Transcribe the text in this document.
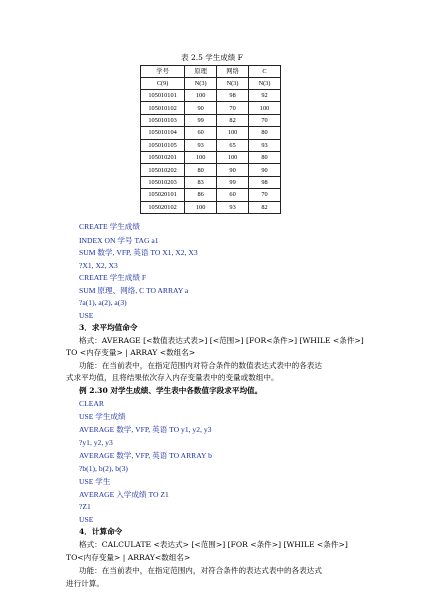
表 2.5 学生成绩 F
学号	原理	网络	C
C(9)	N(3)	N(3)	N(3)
105010101	100	98	92
105010102	90	70	100
105010103	99	82	70
105010104	60	100	80
105010105	93	65	93
105010201	100	100	80
105010202	80	90	90
105010203	83	99	98
105020101	86	60	70
105020102	100	93	82
CREATE 学生成绩
INDEX ON 学号 TAG a1
SUM 数学, VFP, 英语 TO X1, X2, X3
?X1, X2, X3
CREATE 学生成绩 F
SUM 原理、网络, C TO ARRAY a
?a(1), a(2), a(3)
USE
3．求平均值命令
格式：AVERAGE [<数值表达式表>] [<范围>] [FOR<条件>] [WHILE <条件>]
TO <内存变量> | ARRAY <数组名>
功能：在当前表中，在指定范围内对符合条件的数值表达式表中的各表达
式求平均值，且将结果依次存入内存变量表中的变量或数组中。
例 2.30 对学生成绩、学生表中各数值字段求平均值。
CLEAR
USE 学生成绩
AVERAGE 数学, VFP, 英语 TO y1, y2, y3
?y1, y2, y3
AVERAGE 数学, VFP, 英语 TO ARRAY b
?b(1), b(2), b(3)
USE 学生
AVERAGE 入学成绩 TO Z1
?Z1
USE
4．计算命令
格式：CALCULATE <表达式> [<范围>] [FOR <条件>] [WHILE <条件>]
TO<内存变量> | ARRAY<数组名>
功能：在当前表中，在指定范围内，对符合条件的表达式表中的各表达式
进行计算。
